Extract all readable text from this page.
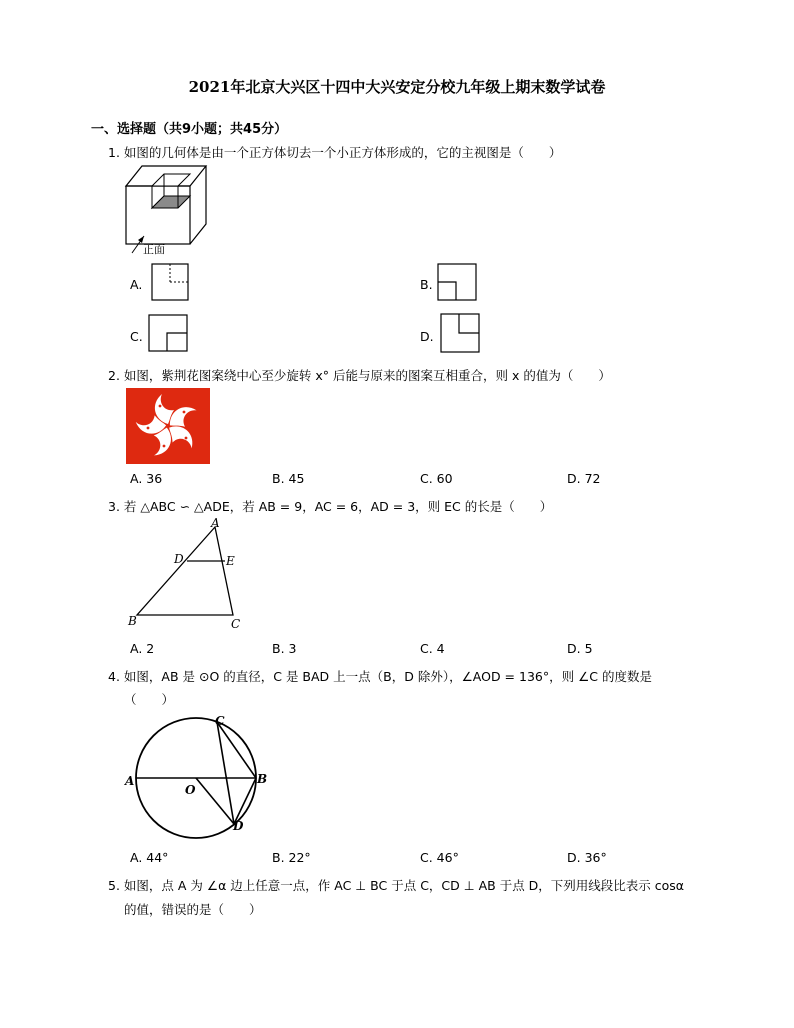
2021年北京大兴区十四中大兴安定分校九年级上期末数学试卷
一、选择题（共9小题；共45分）
1. 如图的几何体是由一个正方体切去一个小正方体形成的，它的主视图是（　　）
正面
A.	B.
C.	D.
2. 如图，紫荆花图案绕中心至少旋转 x° 后能与原来的图案互相重合，则 x 的值为（　　）
A. 36	B. 45	C. 60	D. 72
3. 若 △ABC ∽ △ADE，若 AB = 9，AC = 6，AD = 3，则 EC 的长是（　　）
A
D	E
B	C
A. 2	B. 3	C. 4	D. 5
4. 如图，AB 是 ⊙O 的直径，C 是 BAD 上一点（B，D 除外），∠AOD = 136°，则 ∠C 的度数是
（　　）
C
A	B
O
D
A. 44°	B. 22°	C. 46°	D. 36°
5. 如图，点 A 为 ∠α 边上任意一点，作 AC ⊥ BC 于点 C，CD ⊥ AB 于点 D，下列用线段比表示 cosα
的值，错误的是（　　）
